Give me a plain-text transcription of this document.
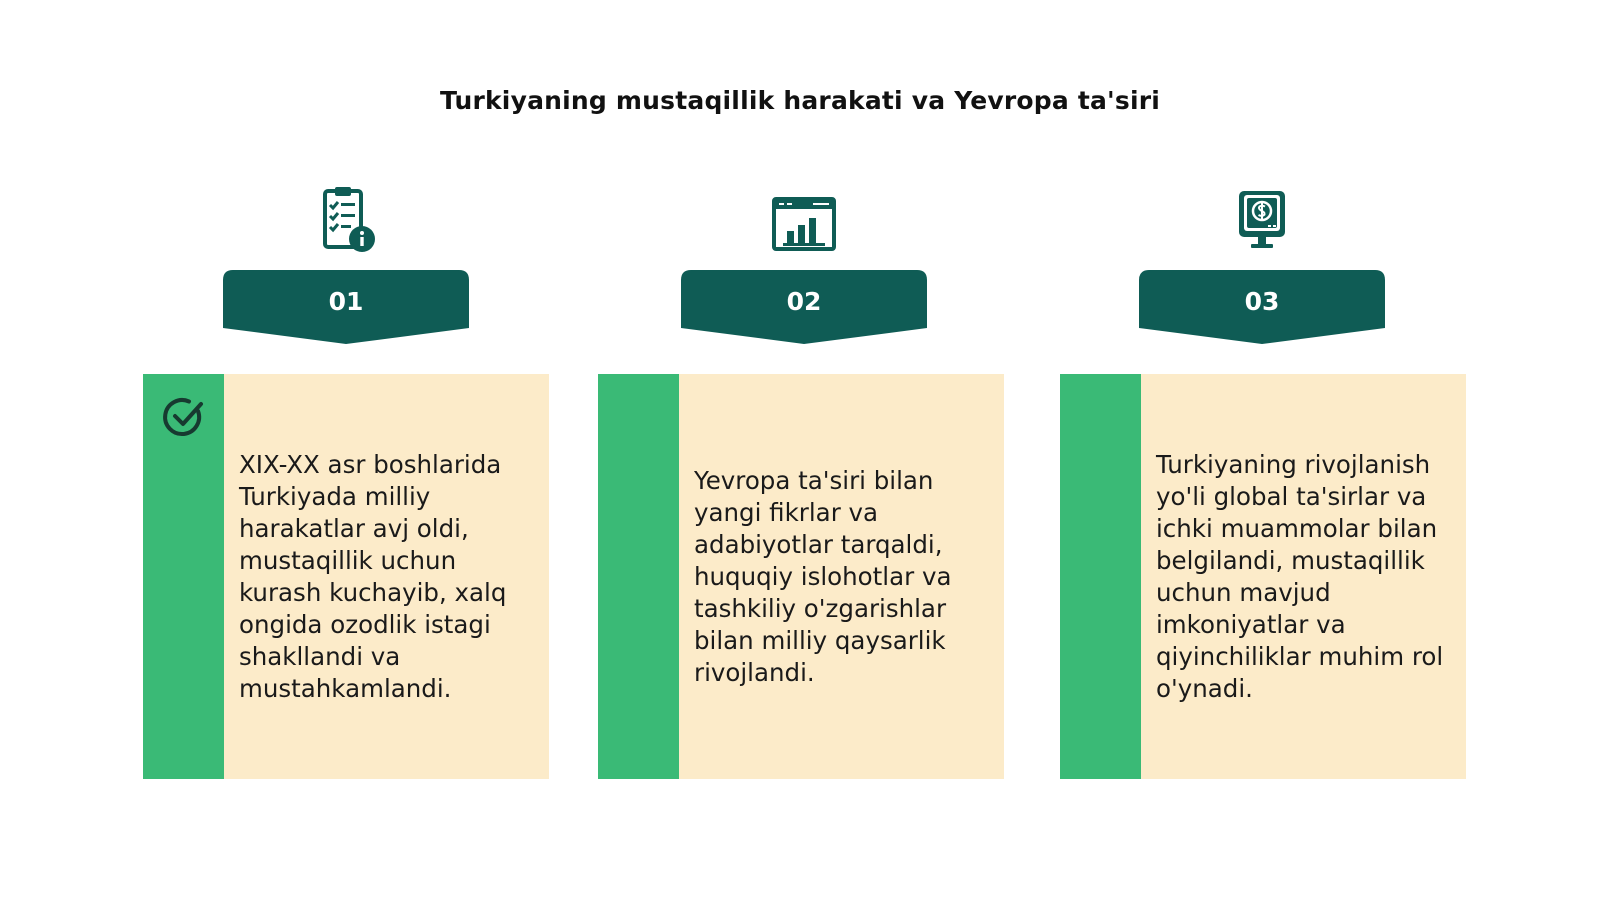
Turkiyaning mustaqillik harakati va Yevropa ta'siri
01	02	03
XIX-XX asr boshlarida Turkiyada milliy harakatlar avj oldi, mustaqillik uchun kurash kuchayib, xalq ongida ozodlik istagi shakllandi va mustahkamlandi.
Yevropa ta'siri bilan yangi fikrlar va adabiyotlar tarqaldi, huquqiy islohotlar va tashkiliy o'zgarishlar bilan milliy qaysarlik rivojlandi.
Turkiyaning rivojlanish yo'li global ta'sirlar va ichki muammolar bilan belgilandi, mustaqillik uchun mavjud imkoniyatlar va qiyinchiliklar muhim rol o'ynadi.
